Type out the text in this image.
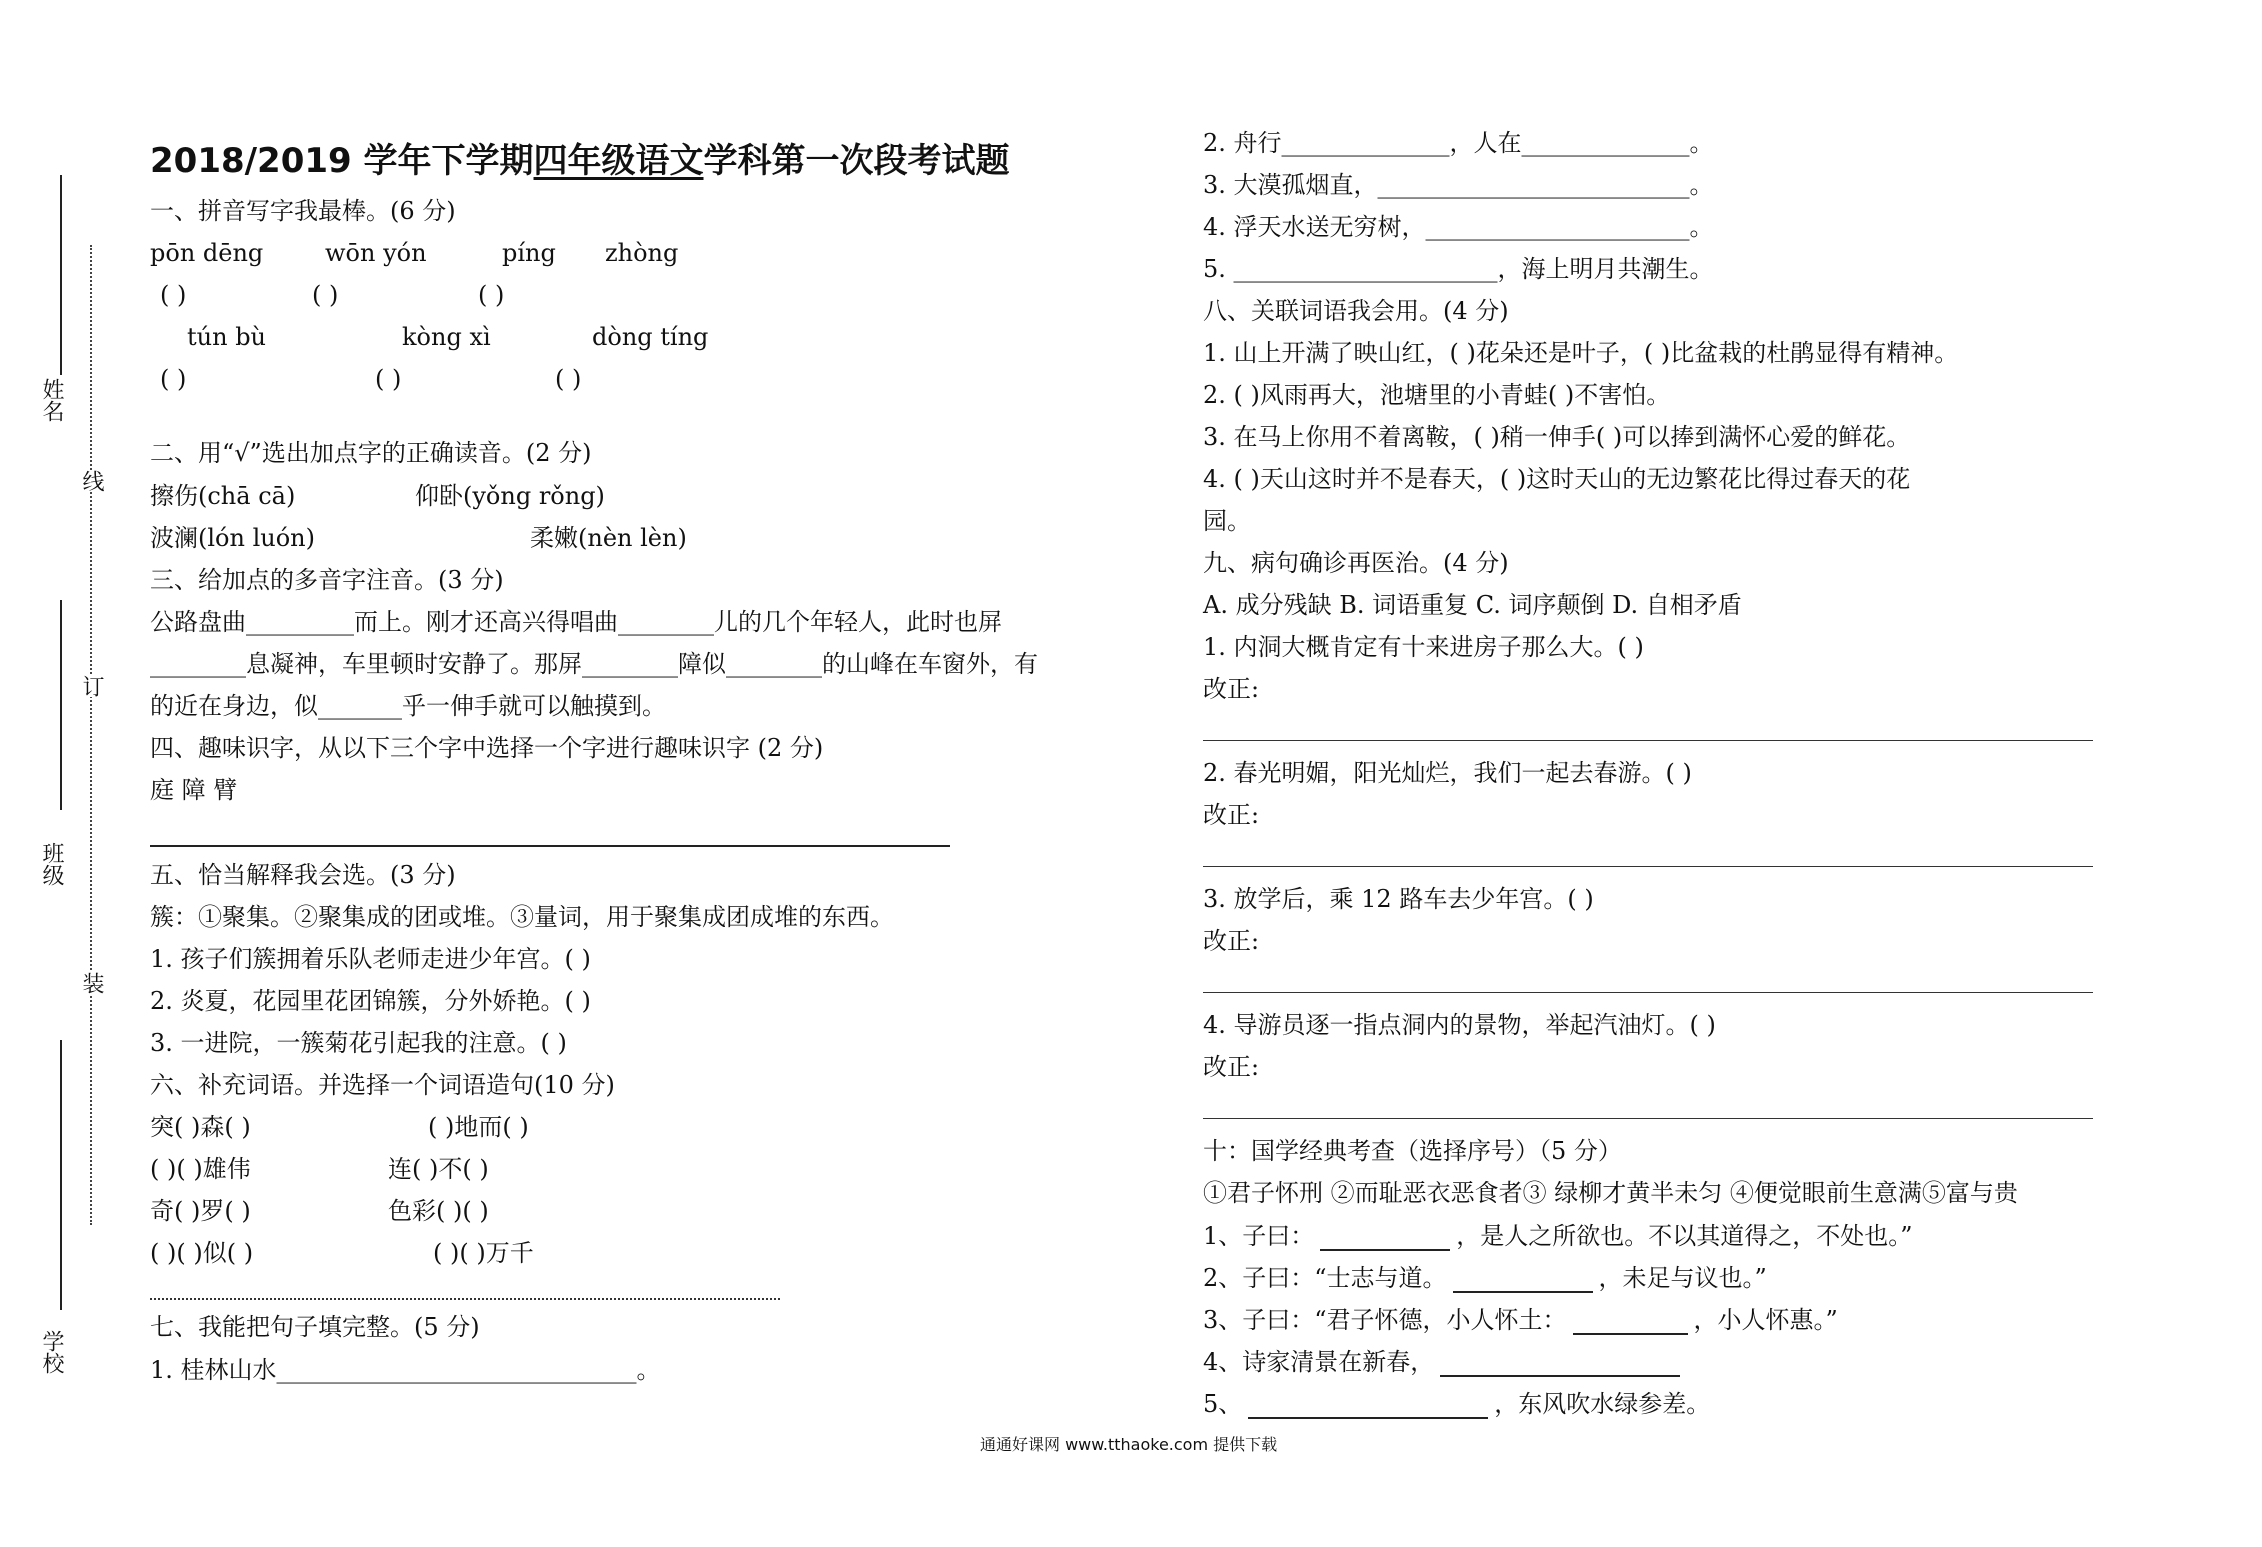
姓名
班级
学校
线
订
装
2018/2019 学年下学期四年级语文学科第一次段考试题
一、拼音写字我最棒。(6 分)
pōn dēng	wōn yón	píng zhòng
( )	( )	( )
tún bù	kòng xì	dòng tíng
( )	( )	( )
二、用“√”选出加点字的正确读音。(2 分)
擦伤(chā cā)	仰卧(yǒng rǒng)
波澜(lón luón)	柔嫩(nèn lèn)
三、给加点的多音字注音。(3 分)
公路盘曲_________而上。刚才还高兴得唱曲________儿的几个年轻人，此时也屏
________息凝神，车里顿时安静了。那屏________障似________的山峰在车窗外，有
的近在身边，似_______乎一伸手就可以触摸到。
四、趣味识字，从以下三个字中选择一个字进行趣味识字 (2 分)
庭 障 臂
五、恰当解释我会选。(3 分)
簇：①聚集。②聚集成的团或堆。③量词，用于聚集成团成堆的东西。
1. 孩子们簇拥着乐队老师走进少年宫。( )
2. 炎夏，花园里花团锦簇，分外娇艳。( )
3. 一进院，一簇菊花引起我的注意。( )
六、补充词语。并选择一个词语造句(10 分)
突( )森( )	( )地而( )
( )( )雄伟	连( )不( )
奇( )罗( )	色彩( )( )
( )( )似( )	( )( )万千
七、我能把句子填完整。(5 分)
1. 桂林山水______________________________。
2. 舟行______________，人在______________。
3. 大漠孤烟直，__________________________。
4. 浮天水送无穷树，______________________。
5. ______________________，海上明月共潮生。
八、关联词语我会用。(4 分)
1. 山上开满了映山红，( )花朵还是叶子，( )比盆栽的杜鹃显得有精神。
2. ( )风雨再大，池塘里的小青蛙( )不害怕。
3. 在马上你用不着离鞍，( )稍一伸手( )可以捧到满怀心爱的鲜花。
4. ( )天山这时并不是春天，( )这时天山的无边繁花比得过春天的花
园。
九、病句确诊再医治。(4 分)
A. 成分残缺 B. 词语重复 C. 词序颠倒 D. 自相矛盾
1. 内洞大概肯定有十来进房子那么大。( )
改正:
2. 春光明媚，阳光灿烂，我们一起去春游。( )
改正:
3. 放学后，乘 12 路车去少年宫。( )
改正:
4. 导游员逐一指点洞内的景物，举起汽油灯。( )
改正:
十：国学经典考查（选择序号）（5 分）
①君子怀刑 ②而耻恶衣恶食者③ 绿柳才黄半未匀 ④便觉眼前生意满⑤富与贵
1、子曰：	，是人之所欲也。不以其道得之，不处也。”
2、子曰：“士志与道。	，未足与议也。”
3、子曰：“君子怀德，小人怀土：	，小人怀惠。”
4、诗家清景在新春，
5、	，东风吹水绿参差。
通通好课网 www.tthaoke.com 提供下载
